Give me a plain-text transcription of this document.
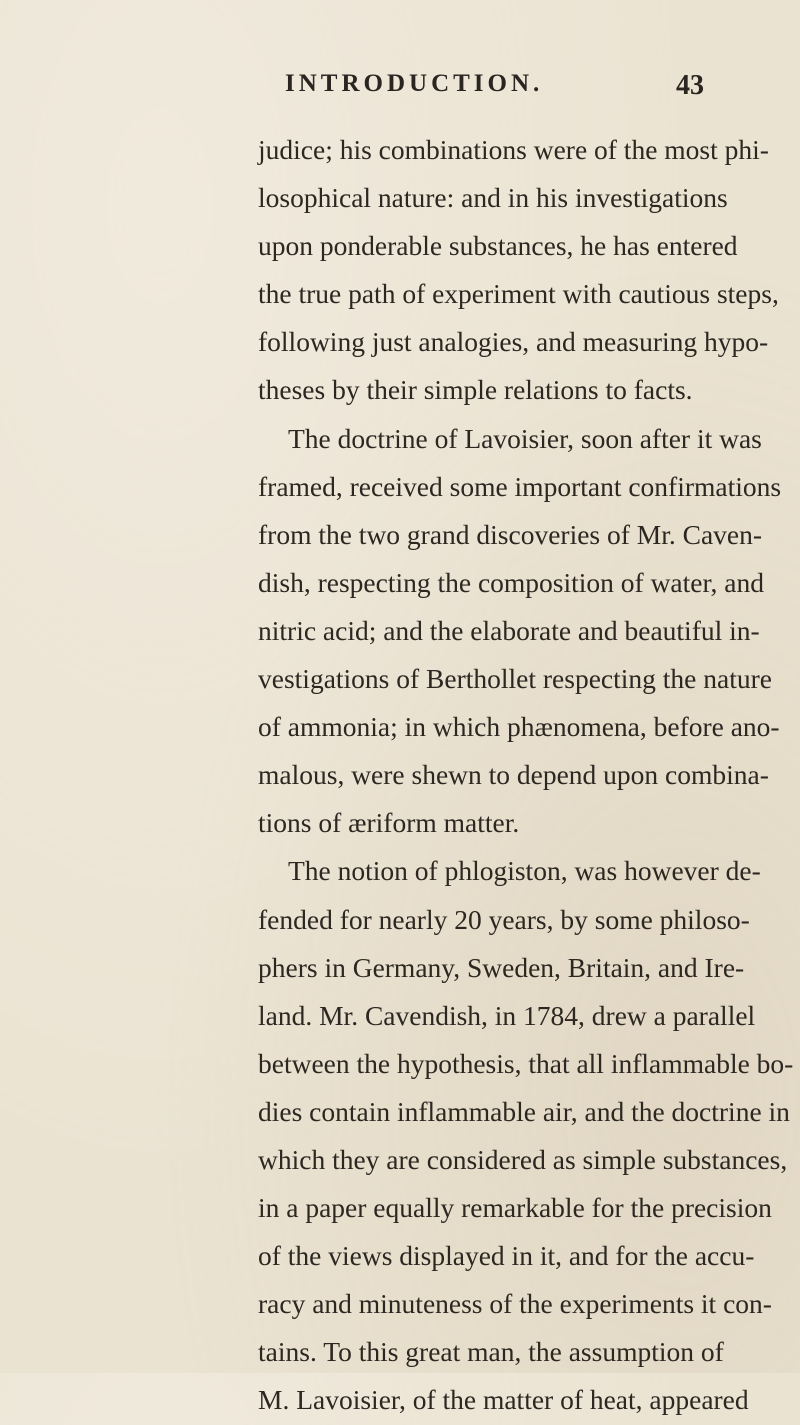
INTRODUCTION.	43
judice; his combinations were of the most phi-
losophical nature: and in his investigations
upon ponderable substances, he has entered
the true path of experiment with cautious steps,
following just analogies, and measuring hypo-
theses by their simple relations to facts.
The doctrine of Lavoisier, soon after it was
framed, received some important confirmations
from the two grand discoveries of Mr. Caven-
dish, respecting the composition of water, and
nitric acid; and the elaborate and beautiful in-
vestigations of Berthollet respecting the nature
of ammonia; in which phænomena, before ano-
malous, were shewn to depend upon combina-
tions of æriform matter.
The notion of phlogiston, was however de-
fended for nearly 20 years, by some philoso-
phers in Germany, Sweden, Britain, and Ire-
land. Mr. Cavendish, in 1784, drew a parallel
between the hypothesis, that all inflammable bo-
dies contain inflammable air, and the doctrine in
which they are considered as simple substances,
in a paper equally remarkable for the precision
of the views displayed in it, and for the accu-
racy and minuteness of the experiments it con-
tains. To this great man, the assumption of
M. Lavoisier, of the matter of heat, appeared
